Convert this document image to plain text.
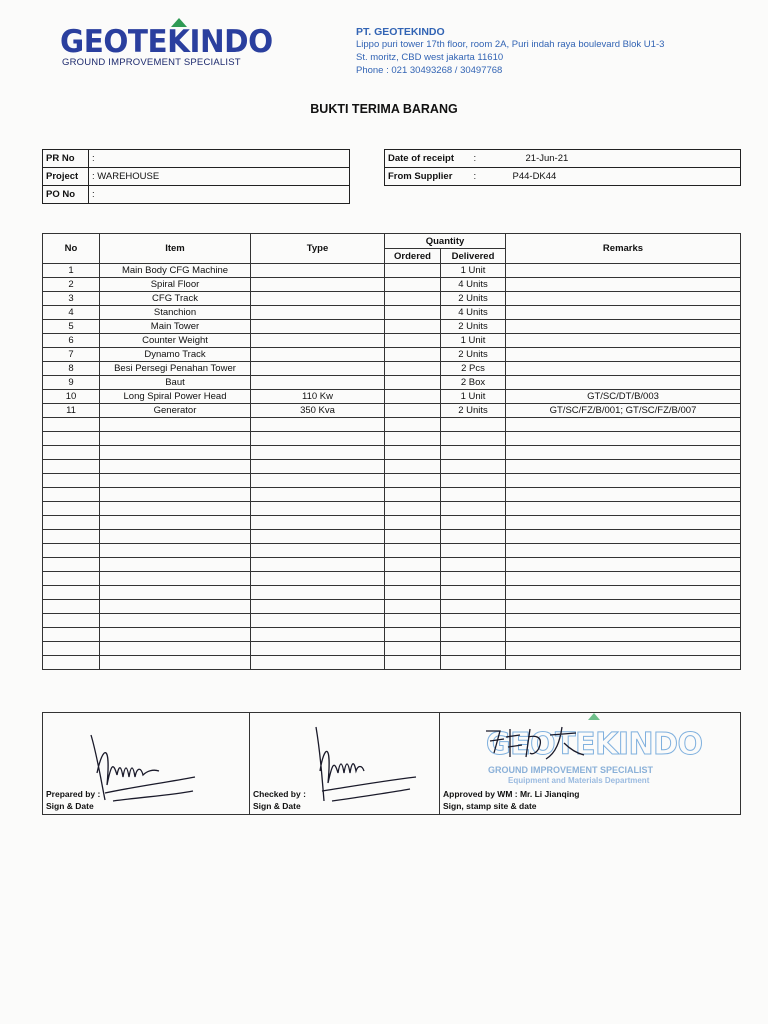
GEOTEKINDO
GROUND IMPROVEMENT SPECIALIST
PT. GEOTEKINDO
Lippo puri tower 17th floor, room 2A, Puri indah raya boulevard Blok U1-3
St. moritz, CBD west jakarta 11610
Phone : 021 30493268 / 30497768
BUKTI TERIMA BARANG
PR No	:
Project	: WAREHOUSE
PO No	:
Date of receipt	:	21-Jun-21
From Supplier	:	P44-DK44
No	Item	Type	Quantity		Remarks
			Ordered	Delivered	
1	Main Body CFG Machine			1 Unit	
2	Spiral Floor			4 Units	
3	CFG Track			2 Units	
4	Stanchion			4 Units	
5	Main Tower			2 Units	
6	Counter Weight			1 Unit	
7	Dynamo Track			2 Units	
8	Besi Persegi Penahan Tower			2 Pcs	
9	Baut			2 Box	
10	Long Spiral Power Head	110 Kw		1 Unit	GT/SC/DT/B/003
11	Generator	350 Kva		2 Units	GT/SC/FZ/B/001; GT/SC/FZ/B/007

Prepared by :
Sign & Date

Checked by :
Sign & Date

GEOTEKINDO
GROUND IMPROVEMENT SPECIALIST
Equipment and Materials Department
Approved by WM : Mr. Li Jianqing
Sign, stamp site & date
